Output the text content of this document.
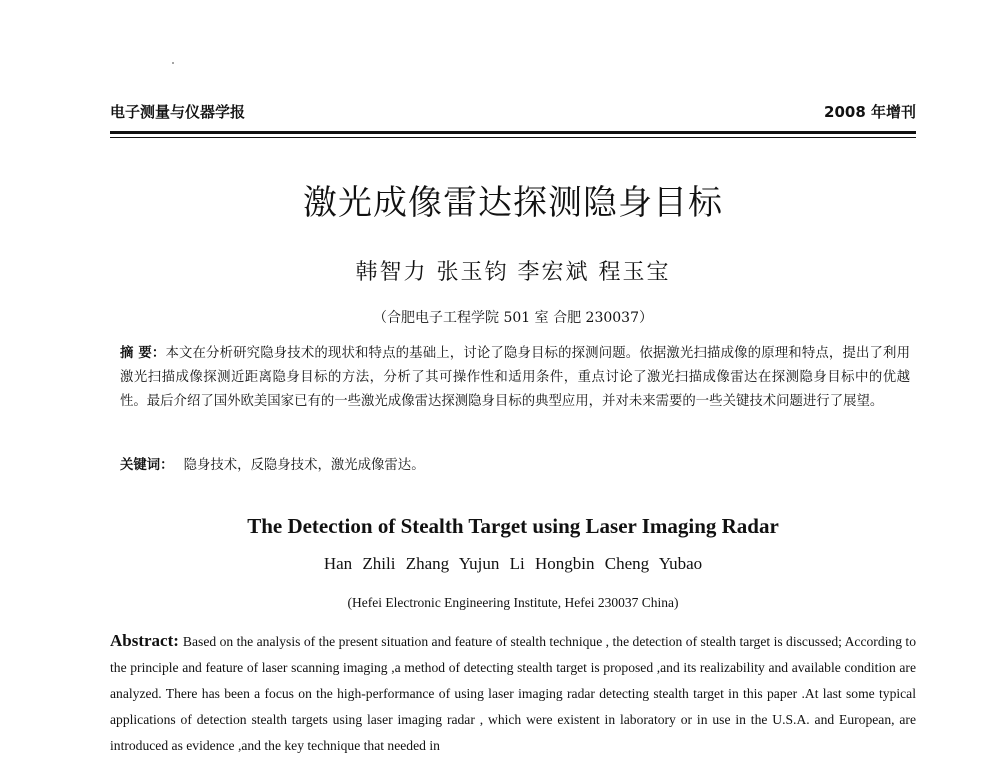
电子测量与仪器学报	2008 年增刊
激光成像雷达探测隐身目标
韩智力 张玉钧 李宏斌 程玉宝
（合肥电子工程学院 501 室 合肥 230037）
摘 要：本文在分析研究隐身技术的现状和特点的基础上，讨论了隐身目标的探测问题。依据激光扫描成像的原理和特点，提出了利用激光扫描成像探测近距离隐身目标的方法，分析了其可操作性和适用条件，重点讨论了激光扫描成像雷达在探测隐身目标中的优越性。最后介绍了国外欧美国家已有的一些激光成像雷达探测隐身目标的典型应用，并对未来需要的一些关键技术问题进行了展望。
关键词： 隐身技术，反隐身技术，激光成像雷达。
The Detection of Stealth Target using Laser Imaging Radar
Han Zhili Zhang Yujun Li Hongbin Cheng Yubao
(Hefei Electronic Engineering Institute, Hefei 230037 China)
Abstract: Based on the analysis of the present situation and feature of stealth technique , the detection of stealth target is discussed; According to the principle and feature of laser scanning imaging ,a method of detecting stealth target is proposed ,and its realizability and available condition are analyzed. There has been a focus on the high-performance of using laser imaging radar detecting stealth target in this paper .At last some typical applications of detection stealth targets using laser imaging radar , which were existent in laboratory or in use in the U.S.A. and European, are introduced as evidence ,and the key technique that needed in
